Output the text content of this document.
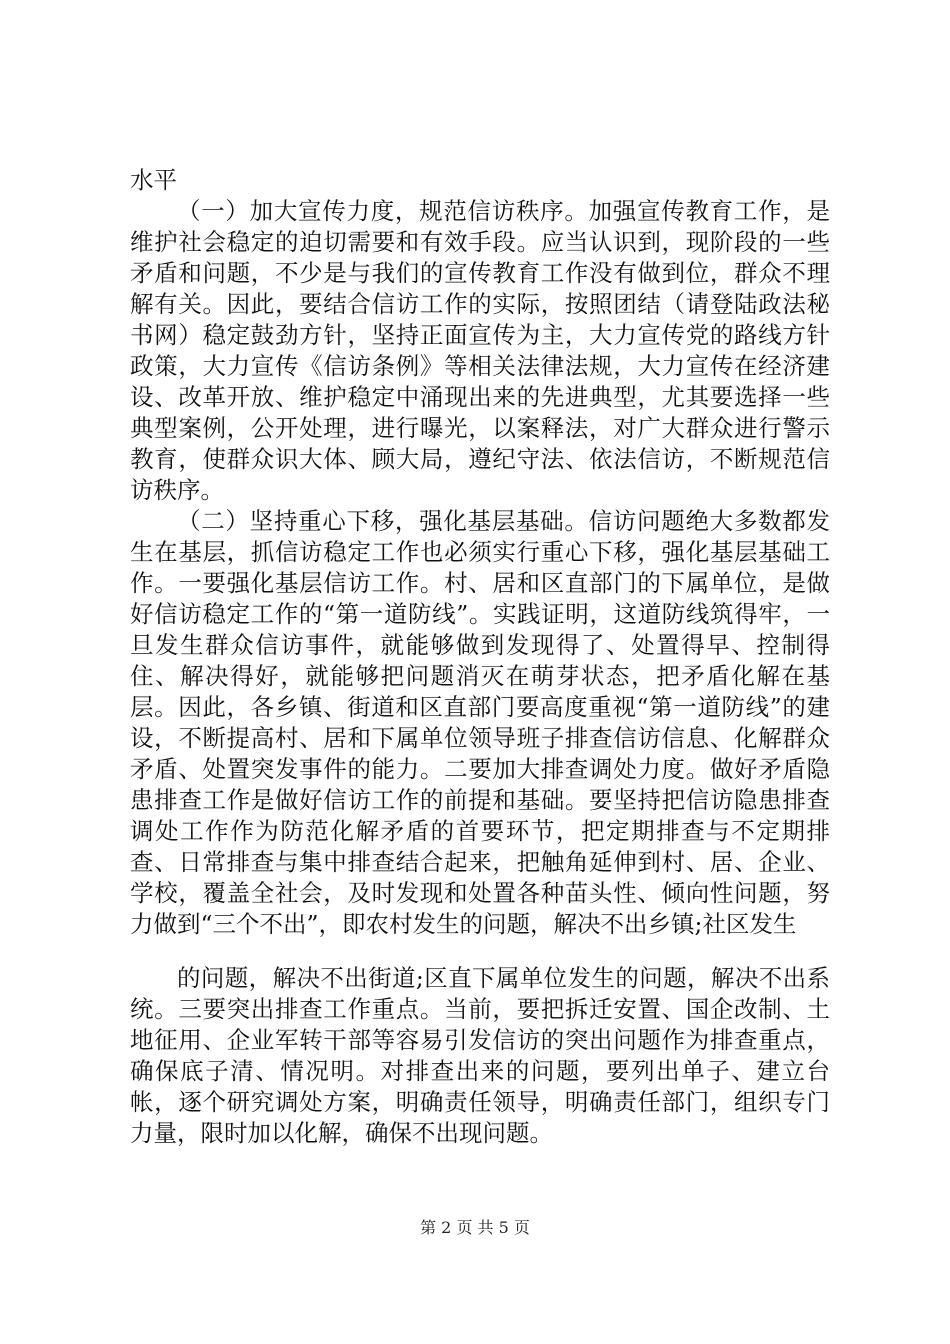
水平

（一）加大宣传力度，规范信访秩序。加强宣传教育工作，是维护社会稳定的迫切需要和有效手段。应当认识到，现阶段的一些矛盾和问题，不少是与我们的宣传教育工作没有做到位，群众不理解有关。因此，要结合信访工作的实际，按照团结（请登陆政法秘书网）稳定鼓劲方针，坚持正面宣传为主，大力宣传党的路线方针政策，大力宣传《信访条例》等相关法律法规，大力宣传在经济建设、改革开放、维护稳定中涌现出来的先进典型，尤其要选择一些典型案例，公开处理，进行曝光，以案释法，对广大群众进行警示教育，使群众识大体、顾大局，遵纪守法、依法信访，不断规范信访秩序。

（二）坚持重心下移，强化基层基础。信访问题绝大多数都发生在基层，抓信访稳定工作也必须实行重心下移，强化基层基础工作。一要强化基层信访工作。村、居和区直部门的下属单位，是做好信访稳定工作的“第一道防线”。实践证明，这道防线筑得牢，一旦发生群众信访事件，就能够做到发现得了、处置得早、控制得住、解决得好，就能够把问题消灭在萌芽状态，把矛盾化解在基层。因此，各乡镇、街道和区直部门要高度重视“第一道防线”的建设，不断提高村、居和下属单位领导班子排查信访信息、化解群众矛盾、处置突发事件的能力。二要加大排查调处力度。做好矛盾隐患排查工作是做好信访工作的前提和基础。要坚持把信访隐患排查调处工作作为防范化解矛盾的首要环节，把定期排查与不定期排查、日常排查与集中排查结合起来，把触角延伸到村、居、企业、学校，覆盖全社会，及时发现和处置各种苗头性、倾向性问题，努力做到“三个不出”，即农村发生的问题，解决不出乡镇;社区发生

的问题，解决不出街道;区直下属单位发生的问题，解决不出系统。三要突出排查工作重点。当前，要把拆迁安置、国企改制、土地征用、企业军转干部等容易引发信访的突出问题作为排查重点，确保底子清、情况明。对排查出来的问题，要列出单子、建立台帐，逐个研究调处方案，明确责任领导，明确责任部门，组织专门力量，限时加以化解，确保不出现问题。

第 2 页 共 5 页
